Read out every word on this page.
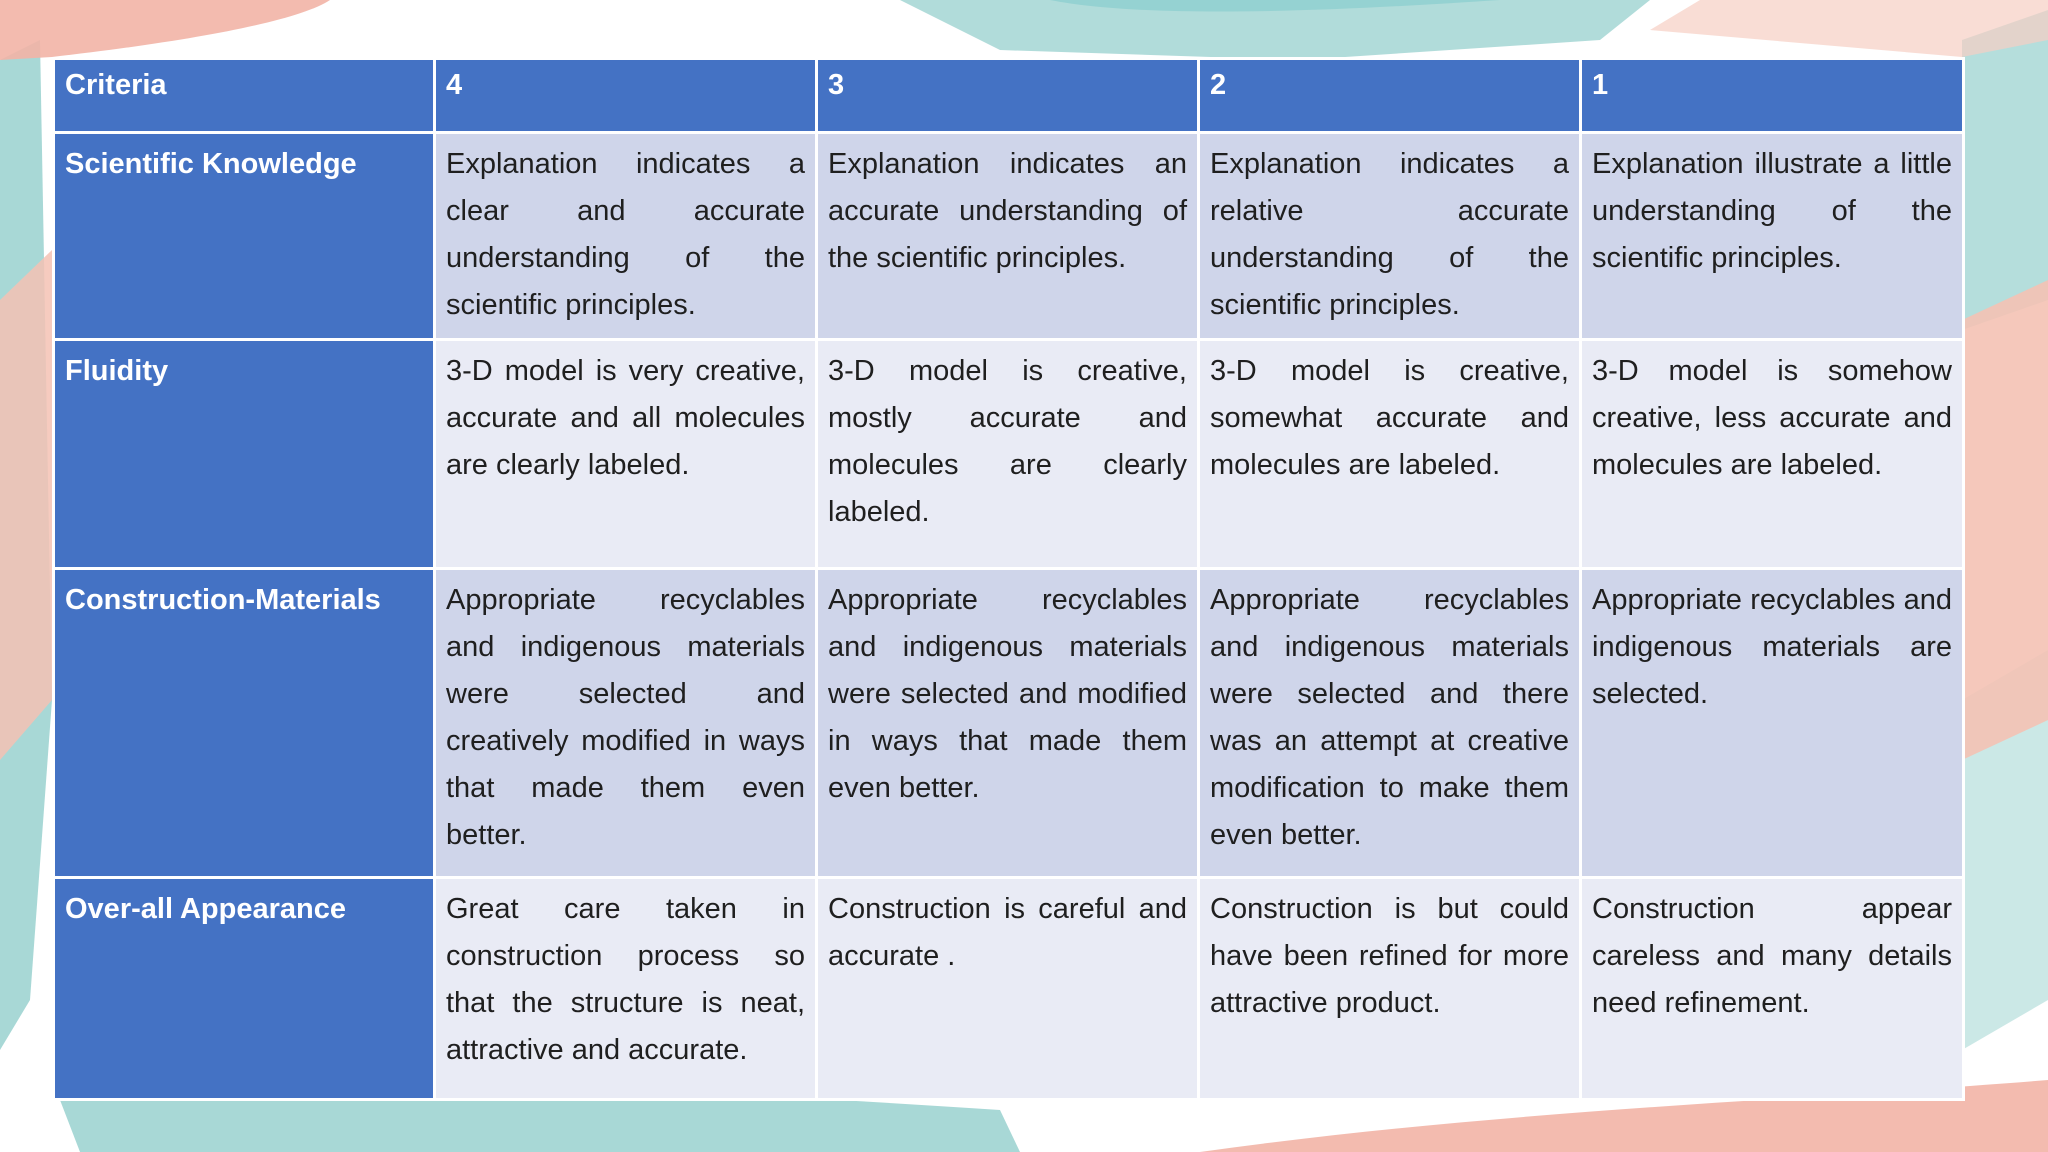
Criteria	4	3	2	1
Scientific Knowledge	Explanation indicates a clear and accurate understanding of the scientific principles.	Explanation indicates an accurate understanding of the scientific principles.	Explanation indicates a relative accurate understanding of the scientific principles.	Explanation illustrate a little understanding of the scientific principles.
Fluidity	3-D model is very creative, accurate and all molecules are clearly labeled.	3-D model is creative, mostly accurate and molecules are clearly labeled.	3-D model is creative, somewhat accurate and molecules are labeled.	3-D model is somehow creative, less accurate and molecules are labeled.
Construction-Materials	Appropriate recyclables and indigenous materials were selected and creatively modified in ways that made them even better.	Appropriate recyclables and indigenous materials were selected and modified in ways that made them even better.	Appropriate recyclables and indigenous materials were selected and there was an attempt at creative modification to make them even better.	Appropriate recyclables and indigenous materials are selected.
Over-all Appearance	Great care taken in construction process so that the structure is neat, attractive and accurate.	Construction is careful and accurate .	Construction is but could have been refined for more attractive product.	Construction appear careless and many details need refinement.
